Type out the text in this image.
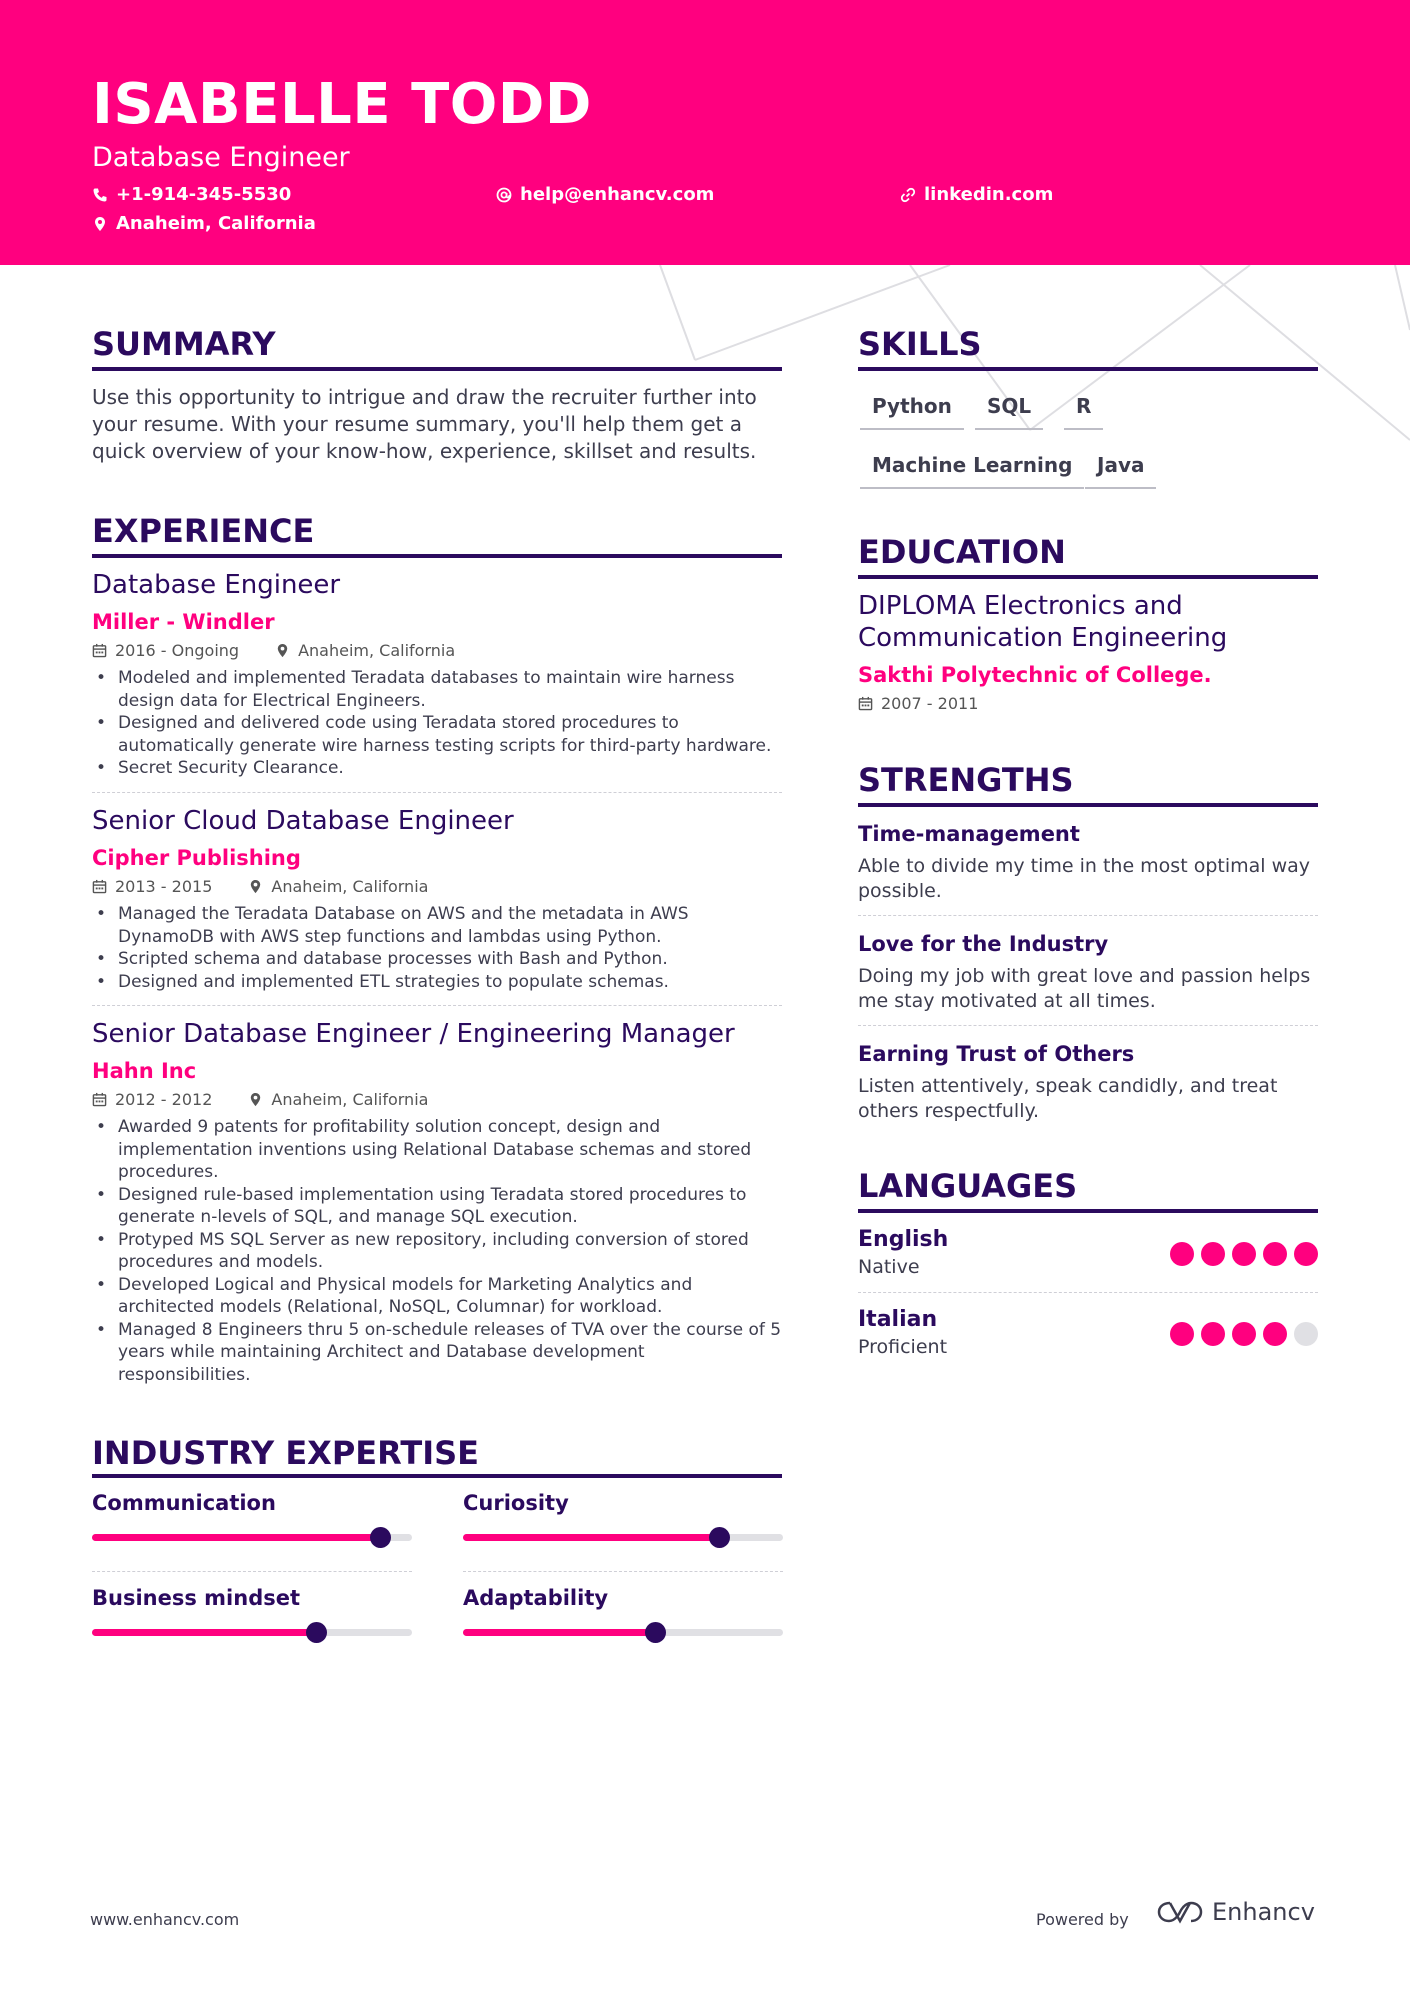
ISABELLE TODD
Database Engineer
+1-914-345-5530	help@enhancv.com	linkedin.com
Anaheim, California
SUMMARY
Use this opportunity to intrigue and draw the recruiter further into your resume. With your resume summary, you'll help them get a quick overview of your know-how, experience, skillset and results.
EXPERIENCE
Database Engineer
Miller - Windler
2016 - Ongoing	Anaheim, California
• Modeled and implemented Teradata databases to maintain wire harness design data for Electrical Engineers.
• Designed and delivered code using Teradata stored procedures to automatically generate wire harness testing scripts for third-party hardware.
• Secret Security Clearance.
Senior Cloud Database Engineer
Cipher Publishing
2013 - 2015	Anaheim, California
• Managed the Teradata Database on AWS and the metadata in AWS DynamoDB with AWS step functions and lambdas using Python.
• Scripted schema and database processes with Bash and Python.
• Designed and implemented ETL strategies to populate schemas.
Senior Database Engineer / Engineering Manager
Hahn Inc
2012 - 2012	Anaheim, California
• Awarded 9 patents for profitability solution concept, design and implementation inventions using Relational Database schemas and stored procedures.
• Designed rule-based implementation using Teradata stored procedures to generate n-levels of SQL, and manage SQL execution.
• Protyped MS SQL Server as new repository, including conversion of stored procedures and models.
• Developed Logical and Physical models for Marketing Analytics and architected models (Relational, NoSQL, Columnar) for workload.
• Managed 8 Engineers thru 5 on-schedule releases of TVA over the course of 5 years while maintaining Architect and Database development responsibilities.
INDUSTRY EXPERTISE
Communication	Curiosity
Business mindset	Adaptability
SKILLS
Python	SQL	R
Machine Learning	Java
EDUCATION
DIPLOMA Electronics and Communication Engineering
Sakthi Polytechnic of College.
2007 - 2011
STRENGTHS
Time-management
Able to divide my time in the most optimal way possible.
Love for the Industry
Doing my job with great love and passion helps me stay motivated at all times.
Earning Trust of Others
Listen attentively, speak candidly, and treat others respectfully.
LANGUAGES
English
Native
Italian
Proficient
www.enhancv.com	Powered by	Enhancv
